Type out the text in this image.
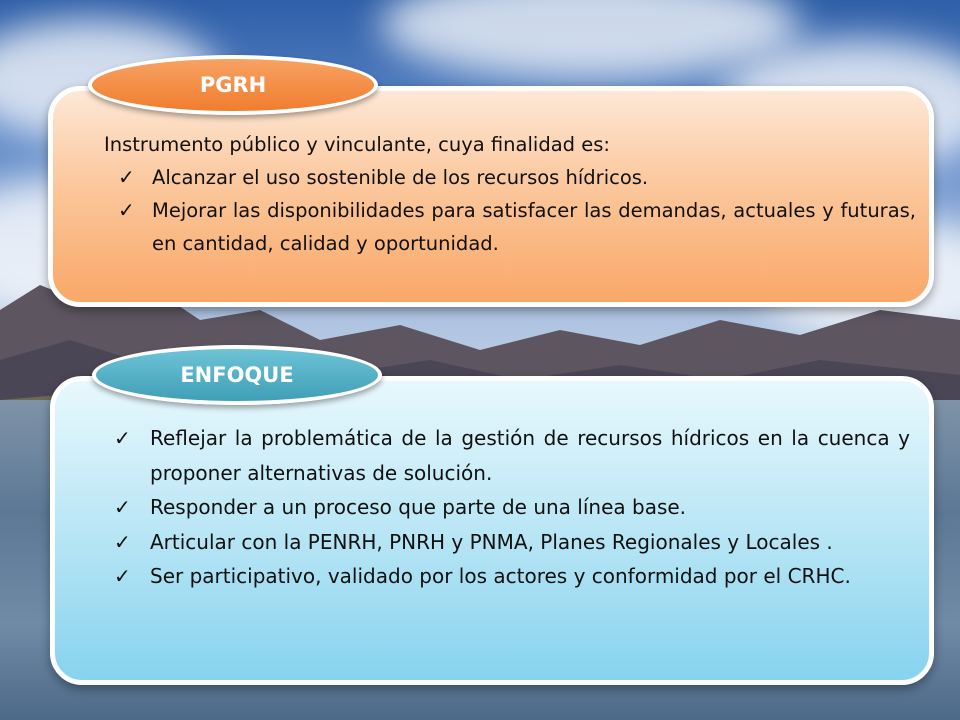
PGRH

Instrumento público y vinculante, cuya finalidad es:

✓ Alcanzar el uso sostenible de los recursos hídricos.
✓ Mejorar las disponibilidades para satisfacer las demandas, actuales y futuras, en cantidad, calidad y oportunidad.
ENFOQUE
✓ Reflejar la problemática de la gestión de recursos hídricos en la cuenca y proponer alternativas de solución.
✓ Responder a un proceso que parte de una línea base.
✓ Articular con la PENRH, PNRH y PNMA, Planes Regionales y Locales .
✓ Ser participativo, validado por los actores y conformidad por el CRHC.
